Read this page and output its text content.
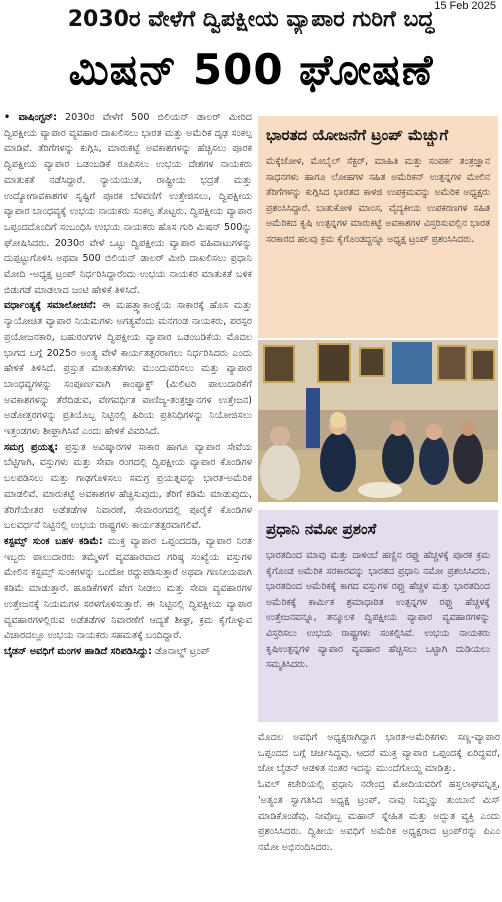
15 Feb 2025
2030ರ ವೇಳೆಗೆ ದ್ವಿಪಕ್ಷೀಯ ವ್ಯಾಪಾರ ಗುರಿಗೆ ಬದ್ಧ
ಮಿಷನ್ 500 ಘೋಷಣೆ

• ವಾಷಿಂಗ್ಟನ್: 2030ರ ವೇಳೆಗೆ 500 ಬಿಲಿಯನ್ ಡಾಲರ್ ಮೀರಿದ ದ್ವಿಪಕ್ಷೀಯ ವ್ಯಾಪಾರ ವ್ಯವಹಾರ ದಾಖಲಿಸಲು ಭಾರತ ಮತ್ತು ಅಮೆರಿಕ ದೃಢ ಸಂಕಲ್ಪ ಮಾಡಿವೆ. ತೆರಿಗೆಗಳನ್ನು ಕುಗ್ಗಿಸಿ, ಮಾರುಕಟ್ಟೆ ಅವಕಾಶಗಳನ್ನು ಹೆಚ್ಚಿಸಲು ಪೂರಕ ದ್ವಿಪಕ್ಷೀಯ ವ್ಯಾಪಾರ ಒಡಂಬಡಿಕೆ ರೂಪಿಸಲು ಉಭಯ ದೇಶಗಳ ನಾಯಕರು ಮಾತುಕತೆ ನಡೆಸಿದ್ದಾರೆ. ನ್ಯಾಯಯುತ, ರಾಷ್ಟ್ರೀಯ ಭದ್ರತೆ ಮತ್ತು ಉದ್ಯೋಗಾವಕಾಶಗಳ ಸೃಷ್ಟಿಗೆ ಪೂರಕ ಬೆಳವಣಿಗೆ ಉತ್ತೇಜಿಸಲು, ದ್ವಿಪಕ್ಷೀಯ ವ್ಯಾಪಾರ ಬಾಂಧವ್ಯಕ್ಕೆ ಉಭಯ ನಾಯಕರು ಸಂಕಲ್ಪ ತೊಟ್ಟರು. ದ್ವಿಪಕ್ಷೀಯ ವ್ಯಾಪಾರ ಒಪ್ಪಂದದೊಂದಿಗೆ ಸಂಬಂಧಿಸಿ ಉಭಯ ನಾಯಕರು ಹೊಸ ಗುರಿ ಮಿಷನ್ 500ನ್ನು ಘೋಷಿಸಿದರು. 2030ರ ವೇಳೆ ಒಟ್ಟು ದ್ವಿಪಕ್ಷೀಯ ವ್ಯಾಪಾರ ವಹಿವಾಟುಗಳನ್ನು ದುಪ್ಪಟ್ಟುಗೊಳಿಸಿ ಅಥವಾ 500 ಬಿಲಿಯನ್ ಡಾಲರ್ ಮೀರಿ ದಾಖಲಿಸಲು ಪ್ರಧಾನಿ ಮೋದಿ -ಅಧ್ಯಕ್ಷ ಟ್ರಂಪ್ ನಿರ್ಧರಿಸಿದ್ದಾರೆಂದು ಉಭಯ ನಾಯಕರ ಮಾತುಕತೆ ಬಳಿಕ ಬಿಡುಗಡೆ ಮಾಡಲಾದ ಜಂಟಿ ಹೇಳಿಕೆ ತಿಳಿಸಿದೆ.

ವರ್ಧಾಂತ್ಯಕ್ಕೆ ಸಮಾಲೋಚನೆ: ಈ ಮಹತ್ತ್ವಾಕಾಂಕ್ಷೆಯ ಸಾಕಾರಕ್ಕೆ ಹೊಸ ಮತ್ತು ನ್ಯಾಯೋಚಿತ ವ್ಯಾಪಾರ ನಿಯಮಗಳು ಅಗತ್ಯವೆಂದು ಮನಗಂಡ ನಾಯಕರು, ಪರಸ್ಪರ ಪ್ರಯೋಜನಕಾರಿ, ಬಹುರಂಗಗಳ ದ್ವಿಪಕ್ಷೀಯ ವ್ಯಾಪಾರ ಒಡಂಬಡಿಕೆಯ ಮೊದಲ ಭಾಗದ ಬಗ್ಗೆ 2025ರ ಅಂತ್ಯ ವೇಳೆ ಕಾರ್ಯತತ್ಪರರಾಗಲು ನಿರ್ಧರಿಸಿದರು ಎಂದು ಹೇಳಿಕೆ ತಿಳಿಸಿದೆ. ಪ್ರಸ್ತುತ ಮಾತುಕತೆಗಳು ಮುಂದುವರಿಸಲು ಮತ್ತು ವ್ಯಾಪಾರ ಬಾಂಧವ್ಯಗಳನ್ನು ಸಂಪೂರ್ಣವಾಗಿ ಕಾಂಪ್ಯಾಕ್ಟ್ (ಮಿಲಿಟರಿ ಪಾಲುದಾರಿಕೆಗೆ ಅವಕಾಶಗಳನ್ನು ತೆರೆದಿಡುವ, ವೇಗವರ್ಧಿತ ವಾಣಿಜ್ಯ-ತಂತ್ರಜ್ಞಾನಗಳ ಉತ್ತೇಜನ) ಅಡೋತ್ತರಗಳನ್ನು ಪ್ರತಿಯೊಬ್ಬ ನಿಟ್ಟಿನಲ್ಲಿ ಹಿರಿಯ ಪ್ರತಿನಿಧಿಗಳನ್ನು ನಿಯೋಜಿಸಲು ಇತ್ತಂಡಗಳು ಶೀಘ್ರಾಗಿಸಿವೆ ಎಂದು ಹೇಳಿಕೆ ವಿವರಿಸಿದೆ.

ಸಮಗ್ರ ಪ್ರಯತ್ನ: ಪ್ರಸ್ತುತ ಅವಿಷ್ಕಾರಗಳ ಸಾಕಾರ ಹಾಗೂ ವ್ಯಾಪಾರ ಸೇವೆಯ ಬೆಟ್ಟಿಗಾಗಿ, ವಸ್ತುಗಳು ಮತ್ತು ಸೇವಾ ರಂಗದಲ್ಲಿ ದ್ವಿಪಕ್ಷೀಯ ವ್ಯಾಪಾರ ಕೊಂಡಿಗಳ ಬಲಪಡಿಸಲು ಮತ್ತು ಗಾಢಗೊಳಿಸಲು ಸಮಗ್ರ ಪ್ರಯತ್ನವನ್ನು ಭಾರತ-ಅಮೆರಿಕ ಮಾಡಲಿವೆ. ಮಾರುಕಟ್ಟೆ ಅವಕಾಶಗಳ ಹೆಚ್ಚಿಸುವುದು, ತೆರಿಗೆ ಕಡಿಮೆ ಮಾಡುವುದು, ತೆರಿಗೆಯೇತರ ಅಡೆತಡೆಗಳ ನಿವಾರಣೆ, ಸೇವಾರಂಗದಲ್ಲಿ ಪೂರೈಕೆ ಕೊಂಡಿಗಳ ಬಲವರ್ಧನೆ ನಿಟ್ಟಿನಲ್ಲಿ ಉಭಯ ರಾಷ್ಟ್ರಗಳು ಕಾರ್ಯತತ್ಪರವಾಗಲಿವೆ.

ಕಸ್ಟಮ್ಸ್ ಸುಂಕ ಬಹಳ ಕಡಿಮೆ: ಮುಕ್ತ ವ್ಯಾಪಾರ ಒಪ್ಪಂದದಡಿ, ವ್ಯಾಪಾರ ನಿರತ ಇಬ್ಬರು ಪಾಲುದಾರರು ತಮ್ಮೆಳಗೆ ವ್ಯವಹಾರವಾದ ಗರಿಷ್ಠ ಸಂಖ್ಯೆಯ ವಸ್ತುಗಳ ಮೇಲಿನ ಕಸ್ಟಮ್ಸ್ ಸುಂಕಗಳನ್ನು ಒಂದೋ ರದ್ದುಪಡಿಸುತ್ತಾರೆ ಅಥವಾ ಗಣನೀಯವಾಗಿ ಕಡಿಮೆ ಮಾಡುತ್ತಾರೆ. ಹೂಡಿಕೆಗಳಿಗೆ ವೇಗ ನೀಡಲು ಮತ್ತು ಸೇವಾ ವ್ಯವಹಾರಗಳ ಉತ್ತೇಜನಕ್ಕೆ ನಿಯಮಗಳ ಸರಳಗೊಳಿಸುತ್ತಾರೆ. ಈ ನಿಟ್ಟಿನಲ್ಲಿ ದ್ವಿಪಕ್ಷೀಯ ವ್ಯಾಪಾರ ವ್ಯವಹಾರಗಳಲ್ಲಿರುವ ಅಡೆತಡೆಗಳ ನಿವಾರಣೆಗೆ ಆದ್ಯತೆ ಶೀಘ್ರ, ಕ್ರಮ ಕೈಗೊಳ್ಳುವ ವಿಚಾರದಲ್ಲೂ ಉಭಯ ನಾಯಕರು ಸಹಮತಕ್ಕೆ ಬಂದಿದ್ದಾರೆ.

ಬೈಡನ್ ಅವಧಿಗೆ ಮಂಗಳ ಹಾಡಿದೆ ಸರಿಪಡಿಸಿದ್ದು: ಡೊನಾಲ್ಡ್ ಟ್ರಂಪ್

ಭಾರತದ ಯೋಜನೆಗೆ ಟ್ರಂಪ್ ಮೆಚ್ಚುಗೆ
ಮೆಕ್ಕೆಜೋಳ, ಮೊಬೈಲ್ ಸೆಕ್ಟರ್, ಮಾಹಿತಿ ಮತ್ತು ಸಂಪರ್ಕ ತಂತ್ರಜ್ಞಾನ ಸಾಧನಗಳು ಹಾಗೂ ಲೋಹಗಳ ಸಹಿತ ಅಮೆರಿಕನ್ ಉತ್ಪನ್ನಗಳ ಮೇಲಿನ ತೆರಿಗೆಗಳನ್ನು ಕುಗ್ಗಿಸಿದ ಭಾರತದ ಕಾಳಜಿ ಉಪಕ್ರಮವನ್ನು ಅಮೆರಿಕ ಅಧ್ಯಕ್ಷರು ಪ್ರಶಂಸಿಸಿದ್ದಾರೆ. ಬಾತುಕೋಳಿ ಮಾಂಸ, ವೈದ್ಯಕೀಯ ಉಪಕರಣಗಳ ಸಹಿತ ಅಮೆರಿಕದ ಕೃಷಿ ಉತ್ಪನ್ನಗಳ ಮಾರುಕಟ್ಟೆ ಅವಕಾಶಗಳ ವಿಸ್ತರಿಸುವಲ್ಲಿನ ಭಾರತ ಸರಕಾರದ ಹಲವು ಕ್ರಮ ಕೈಗೊಂಡದ್ದನ್ನೂ ಅಧ್ಯಕ್ಷ ಟ್ರಂಪ್ ಪ್ರಶಂಸಿಸಿದರು.
ಪ್ರಧಾನಿ ನಮೋ ಪ್ರಶಂಸೆ
ಭಾರತದಿಂದ ಮಾವು ಮತ್ತು ದಾಳಿಂಬೆ ಹಣ್ಣಿನ ರಫ್ತು ಹೆಚ್ಚಳಕ್ಕೆ ಪೂರಕ ಕ್ರಮ ಕೈಗೊಂಡ ಅಮೆರಿಕ ಸರಕಾರವನ್ನು ಭಾರತದ ಪ್ರಧಾನಿ ನಮೋ ಪ್ರಶಂಸಿಸಿದರು. ಭಾರತದಿಂದ ಅಮೆರಿಕಕ್ಕೆ ಕಾಗದ ವಸ್ತುಗಳ ರಫ್ತು ಹೆಚ್ಚಳ ಮತ್ತು ಭಾರತದಿಂದ ಅಮೆರಿಕಕ್ಕೆ ಕಾರ್ಮಿಕ ಶ್ರಮಾಧಾರಿತ ಉತ್ಪನ್ನಗಳ ರಫ್ತು ಹೆಚ್ಚಳಕ್ಕೆ ಉತ್ತೇಜನವನ್ನೂ, ತನ್ಮೂಲಕ ದ್ವಿಪಕ್ಷೀಯ ವ್ಯಾಪಾರ ವ್ಯವಹಾರಗಳನ್ನು ವಿಸ್ತರಿಸಲು ಉಭಯ ರಾಷ್ಟ್ರಗಳು ಸಂಕಲ್ಪಿಸಿವೆ. ಉಭಯ ನಾಯಕರು ಕೃಷಿಉತ್ಪನ್ನಗಳ ವ್ಯಾಪಾರ ವ್ಯವಹಾರ ಹೆಚ್ಚಿಸಲು ಒಟ್ಟಾಗಿ ದುಡಿಯಲು ಸಮ್ಮತಿಸಿದರು.

ಮೊದಲ ಅವಧಿಗೆ ಅಧ್ಯಕ್ಷರಾಗಿದ್ದಾಗ ಭಾರತ-ಅಮೆರಿಕಗಳು ಸಣ್ಣ-ವ್ಯಾಪಾರ ಒಪ್ಪಂದದ ಬಗ್ಗೆ ಚರ್ಚಿಸಿದ್ದವು. ಆದರೆ ಮುಕ್ತ ವ್ಯಾಪಾರ ಒಪ್ಪಂದಕ್ಕೆ ಏರಿದ್ದವರೆ, ಜೋ ಬೈಡನ್ ಆಡಳಿತ ನಂತರ ಇದನ್ನು ಮುಂದೆಗೊಯ್ದ ಮಾಡಿತ್ತು.

ಓವಲ್ ಕಚೇರಿಯಲ್ಲಿ ಪ್ರಧಾನಿ ನರೇಂದ್ರ ಮೋದಿಯವರಿಗೆ ಹಸ್ತಲಾಘವನ್ನಿತ್ತ, 'ಅತ್ಯಂತ ಸ್ವಾಗತಿಸಿದ ಅಧ್ಯಕ್ಷ ಟ್ರಂಪ್, ನಾವು ನಿಮ್ಮನ್ನು ತುಂಬಾನೆ ಮಿಸ್ ಮಾಡಿಕೊಂಡೆವು. ನೀವೊಬ್ಬ ಮಹಾನ್ ಸ್ನೇಹಿತ ಮತ್ತು ಅದ್ಭುತ ವ್ಯಕ್ತಿ ಎಂದು ಪ್ರಶಂಸಿಸಿದರು. ದ್ವಿತೀಯ ಅವಧಿಗೆ ಅಮೆರಿಕ ಅಧ್ಯಕ್ಷರಾದ ಟ್ರಂಪ್‌ರನ್ನು ಪಿಎಂ ನಮೋ ಅಭಿನಂದಿಸಿದರು.
